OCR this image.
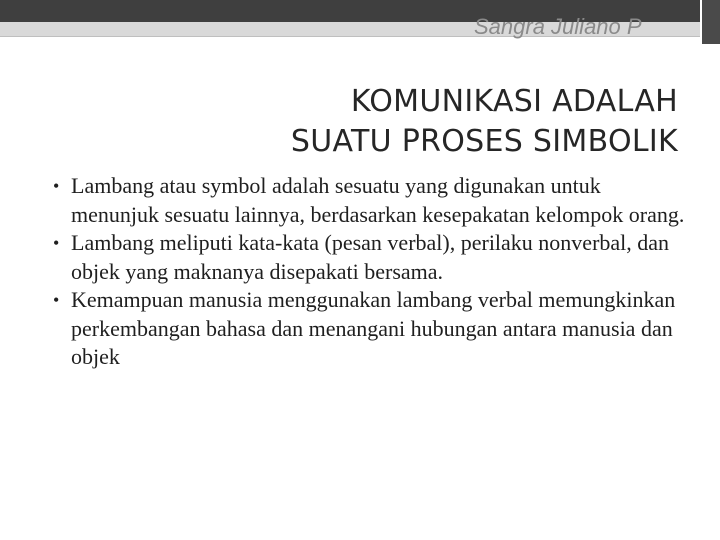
Sangra Juliano P
KOMUNIKASI ADALAH
SUATU PROSES SIMBOLIK
• Lambang atau symbol adalah sesuatu yang digunakan untuk menunjuk sesuatu lainnya, berdasarkan kesepakatan kelompok orang.
• Lambang meliputi kata-kata (pesan verbal), perilaku nonverbal, dan objek yang maknanya disepakati bersama.
• Kemampuan manusia menggunakan lambang verbal memungkinkan perkembangan bahasa dan menangani hubungan antara manusia dan objek
